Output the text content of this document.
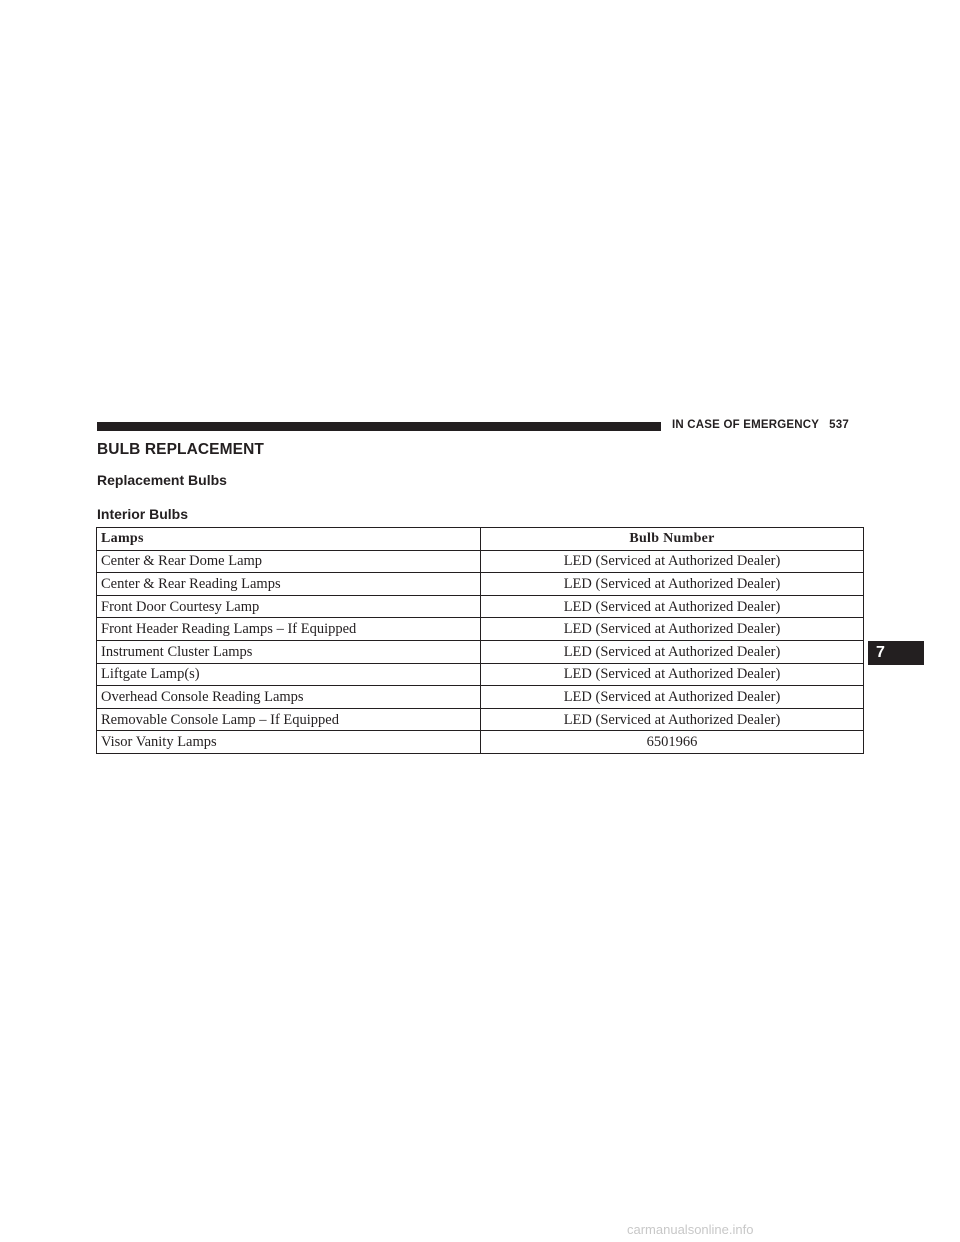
IN CASE OF EMERGENCY 537
BULB REPLACEMENT
Replacement Bulbs
Interior Bulbs
Lamps	Bulb Number
Center & Rear Dome Lamp	LED (Serviced at Authorized Dealer)
Center & Rear Reading Lamps	LED (Serviced at Authorized Dealer)
Front Door Courtesy Lamp	LED (Serviced at Authorized Dealer)
Front Header Reading Lamps – If Equipped	LED (Serviced at Authorized Dealer)
Instrument Cluster Lamps	LED (Serviced at Authorized Dealer)
Liftgate Lamp(s)	LED (Serviced at Authorized Dealer)
Overhead Console Reading Lamps	LED (Serviced at Authorized Dealer)
Removable Console Lamp – If Equipped	LED (Serviced at Authorized Dealer)
Visor Vanity Lamps	6501966
7
carmanualsonline.info
